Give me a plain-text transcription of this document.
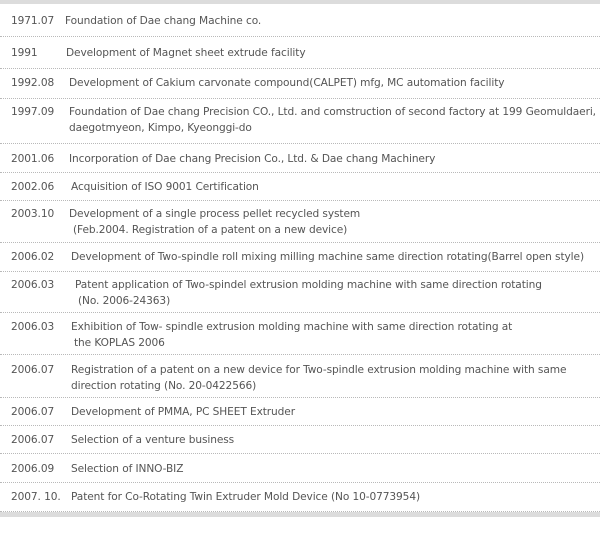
1971.07 Foundation of Dae chang Machine co.
1991	Development of Magnet sheet extrude facility
1992.08 Development of Cakium carvonate compound(CALPET) mfg, MC automation facility
1997.09 Foundation of Dae chang Precision CO., Ltd. and comstruction of second factory at 199 Geomuldaeri,
daegotmyeon, Kimpo, Kyeonggi-do
2001.06 Incorporation of Dae chang Precision Co., Ltd. & Dae chang Machinery
2002.06 Acquisition of ISO 9001 Certification
2003.10 Development of a single process pellet recycled system
(Feb.2004. Registration of a patent on a new device)
2006.02 Development of Two-spindle roll mixing milling machine same direction rotating(Barrel open style)
2006.03 Patent application of Two-spindel extrusion molding machine with same direction rotating
(No. 2006-24363)
2006.03 Exhibition of Tow- spindle extrusion molding machine with same direction rotating at
the KOPLAS 2006
2006.07 Registration of a patent on a new device for Two-spindle extrusion molding machine with same
direction rotating (No. 20-0422566)
2006.07 Development of PMMA, PC SHEET Extruder
2006.07 Selection of a venture business
2006.09 Selection of INNO-BIZ
2007. 10. Patent for Co-Rotating Twin Extruder Mold Device (No 10-0773954)
